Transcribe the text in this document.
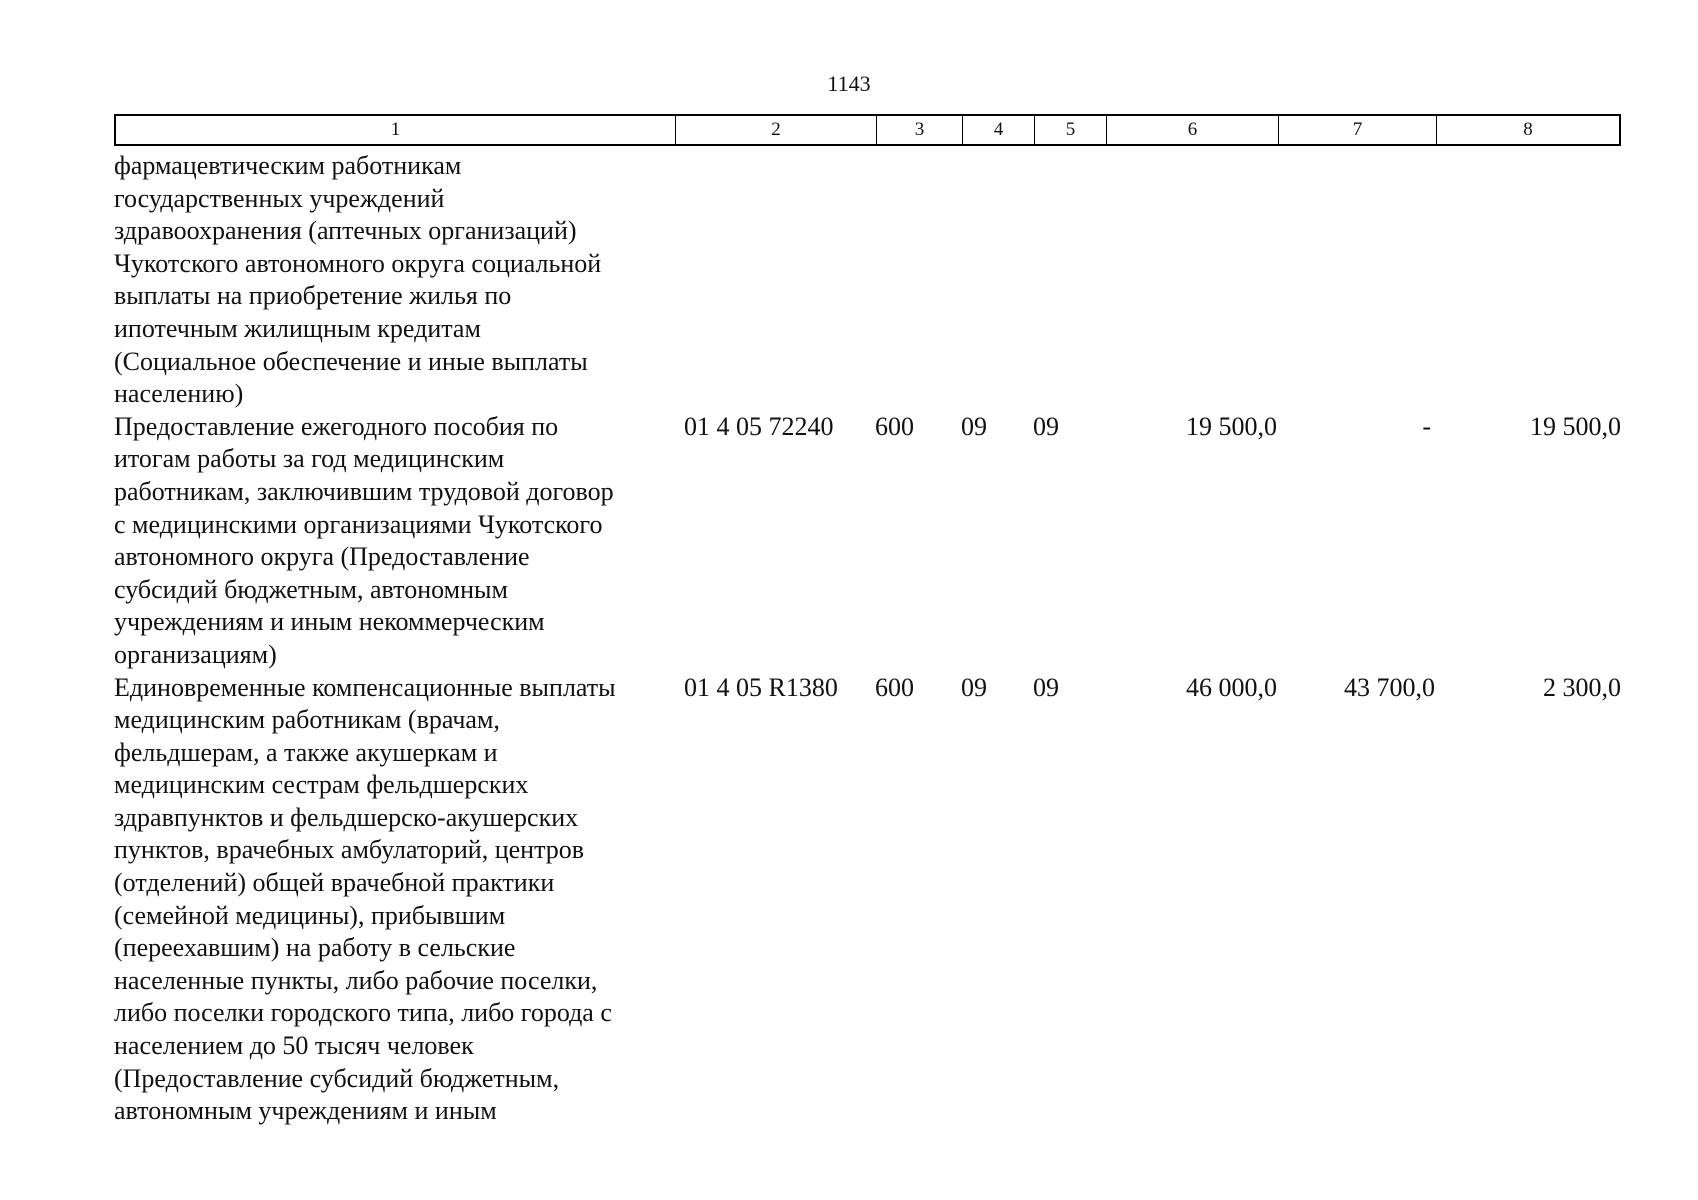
1143
1	2	3	4	5	6	7	8
фармацевтическим работникам
государственных учреждений
здравоохранения (аптечных организаций)
Чукотского автономного округа социальной
выплаты на приобретение жилья по
ипотечным жилищным кредитам
(Социальное обеспечение и иные выплаты
населению)
Предоставление ежегодного пособия по
итогам работы за год медицинским
работникам, заключившим трудовой договор
с медицинскими организациями Чукотского
автономного округа (Предоставление
субсидий бюджетным, автономным
учреждениям и иным некоммерческим
организациям)
01 4 05 72240	600	09	09	19 500,0	-	19 500,0
Единовременные компенсационные выплаты
медицинским работникам (врачам,
фельдшерам, а также акушеркам и
медицинским сестрам фельдшерских
здравпунктов и фельдшерско-акушерских
пунктов, врачебных амбулаторий, центров
(отделений) общей врачебной практики
(семейной медицины), прибывшим
(переехавшим) на работу в сельские
населенные пункты, либо рабочие поселки,
либо поселки городского типа, либо города с
населением до 50 тысяч человек
(Предоставление субсидий бюджетным,
автономным учреждениям и иным
01 4 05 R1380	600	09	09	46 000,0	43 700,0	2 300,0
